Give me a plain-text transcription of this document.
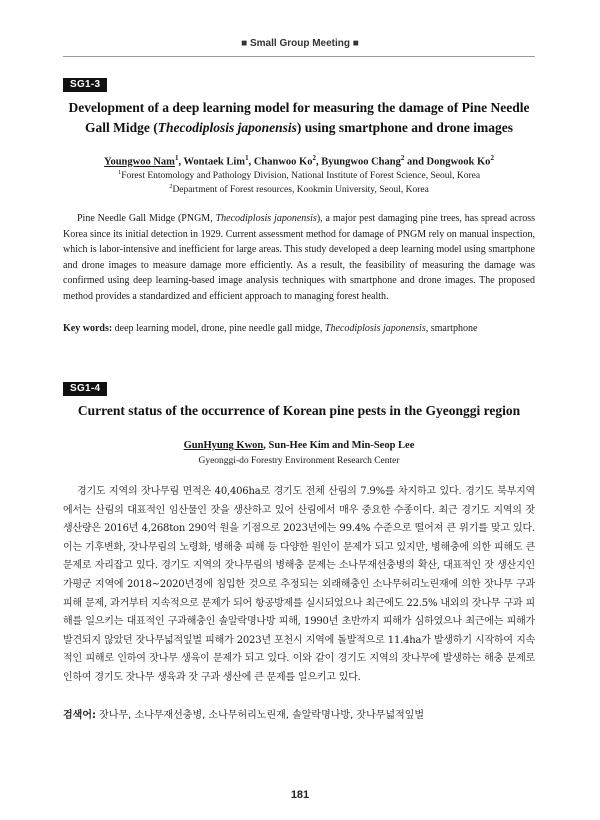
■ Small Group Meeting ■
SG1-3
Development of a deep learning model for measuring the damage of Pine Needle Gall Midge (Thecodiplosis japonensis) using smartphone and drone images
Youngwoo Nam$^1$, Wontaek Lim$^1$, Chanwoo Ko$^2$, Byungwoo Chang$^2$ and Dongwook Ko$^2$
$^1$Forest Entomology and Pathology Division, National Institute of Forest Science, Seoul, Korea
$^2$Department of Forest resources, Kookmin University, Seoul, Korea

Pine Needle Gall Midge (PNGM, Thecodiplosis japonensis), a major pest damaging pine trees, has spread across Korea since its initial detection in 1929. Current assessment method for damage of PNGM rely on manual inspection, which is labor-intensive and inefficient for large areas. This study developed a deep learning model using smartphone and drone images to measure damage more efficiently. As a result, the feasibility of measuring the damage was confirmed using deep learning-based image analysis techniques with smartphone and drone images. The proposed method provides a standardized and efficient approach to managing forest health.

Key words: deep learning model, drone, pine needle gall midge, Thecodiplosis japonensis, smartphone
SG1-4
Current status of the occurrence of Korean pine pests in the Gyeonggi region
GunHyung Kwon, Sun-Hee Kim and Min-Seop Lee
Gyeonggi-do Forestry Environment Research Center

경기도 지역의 잣나무림 면적은 40,406ha로 경기도 전체 산림의 7.9%를 차지하고 있다. 경기도 북부지역에서는 산림의 대표적인 임산물인 잣을 생산하고 있어 산림에서 매우 중요한 수종이다. 최근 경기도 지역의 잣 생산량은 2016년 4,268ton 290억 원을 기점으로 2023년에는 99.4% 수준으로 떨어져 큰 위기를 맞고 있다. 이는 기후변화, 잣나무림의 노령화, 병해충 피해 등 다양한 원인이 문제가 되고 있지만, 병해충에 의한 피해도 큰 문제로 자리잡고 있다. 경기도 지역의 잣나무림의 병해충 문제는 소나무재선충병의 확산, 대표적인 잣 생산지인 가평군 지역에 2018~2020년경에 침입한 것으로 추정되는 외래해충인 소나무허리노린재에 의한 잣나무 구과 피해 문제, 과거부터 지속적으로 문제가 되어 항공방제를 실시되었으나 최근에도 22.5% 내외의 잣나무 구과 피해를 일으키는 대표적인 구과해충인 솔알락명나방 피해, 1990년 초반까지 피해가 심하였으나 최근에는 피해가 발견되지 않았던 잣나무넓적잎벌 피해가 2023년 포천시 지역에 돌발적으로 11.4ha가 발생하기 시작하여 지속적인 피해로 인하여 잣나무 생육이 문제가 되고 있다. 이와 같이 경기도 지역의 잣나무에 발생하는 해충 문제로 인하여 경기도 잣나무 생육과 잣 구과 생산에 큰 문제를 일으키고 있다.

검색어: 잣나무, 소나무재선충병, 소나무허리노린재, 솔알락명나방, 잣나무넓적잎벌
181
